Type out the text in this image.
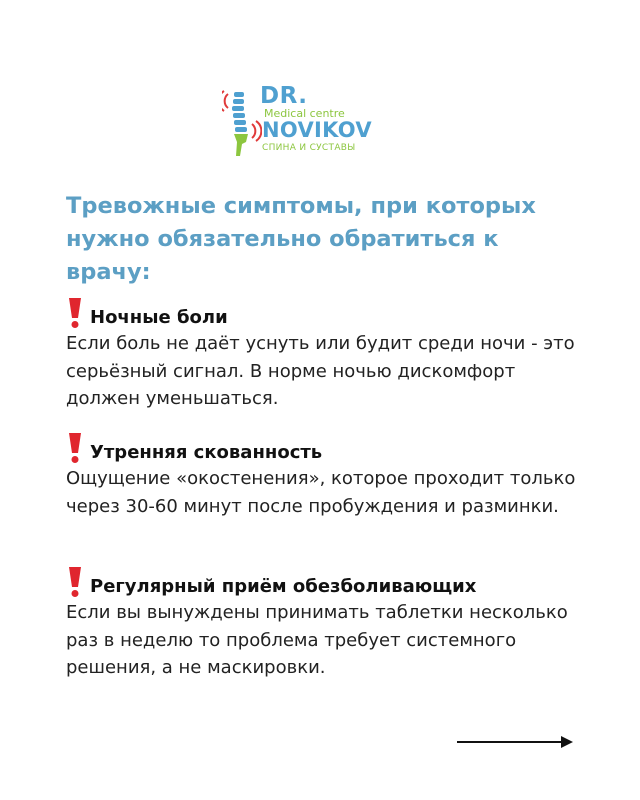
DR.
Medical centre
NOVIKOV
СПИНА И СУСТАВЫ
Тревожные симптомы, при которых нужно обязательно обратиться к врачу:
Ночные боли
Если боль не даёт уснуть или будит среди ночи - это серьёзный сигнал. В норме ночью дискомфорт должен уменьшаться.
Утренняя скованность
Ощущение «окостенения», которое проходит только через 30-60 минут после пробуждения и разминки.
Регулярный приём обезболивающих
Если вы вынуждены принимать таблетки несколько раз в неделю то проблема требует системного решения, а не маскировки.
